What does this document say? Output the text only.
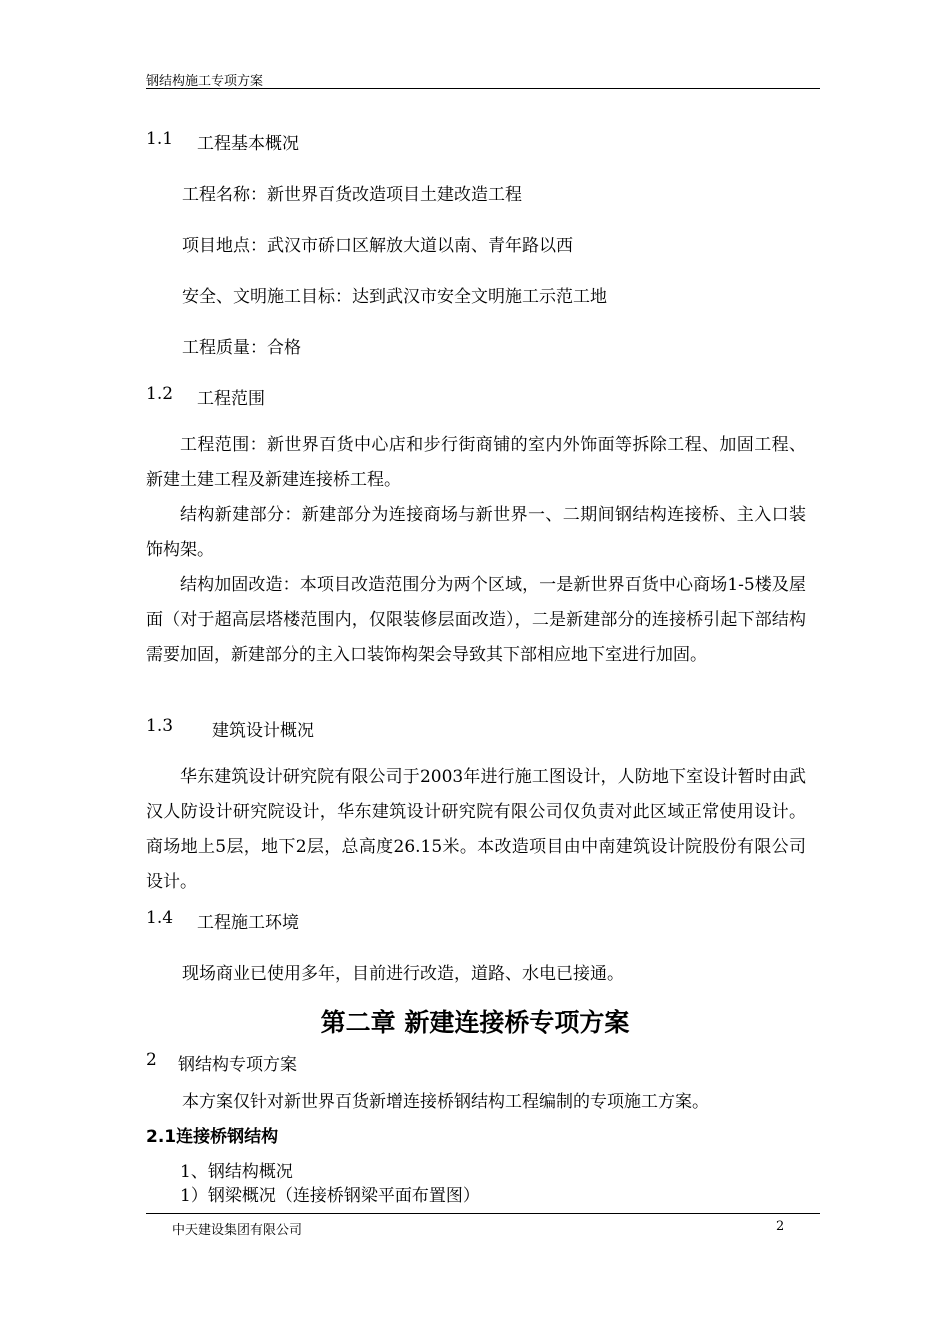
钢结构施工专项方案
1.1 工程基本概况
工程名称：新世界百货改造项目土建改造工程
项目地点：武汉市硚口区解放大道以南、青年路以西
安全、文明施工目标：达到武汉市安全文明施工示范工地
工程质量：合格
1.2 工程范围
工程范围：新世界百货中心店和步行街商铺的室内外饰面等拆除工程、加固工程、新建土建工程及新建连接桥工程。
结构新建部分：新建部分为连接商场与新世界一、二期间钢结构连接桥、主入口装饰构架。
结构加固改造：本项目改造范围分为两个区域，一是新世界百货中心商场1-5楼及屋面（对于超高层塔楼范围内，仅限装修层面改造），二是新建部分的连接桥引起下部结构需要加固，新建部分的主入口装饰构架会导致其下部相应地下室进行加固。
1.3 建筑设计概况
华东建筑设计研究院有限公司于2003年进行施工图设计，人防地下室设计暂时由武汉人防设计研究院设计，华东建筑设计研究院有限公司仅负责对此区域正常使用设计。商场地上5层，地下2层，总高度26.15米。本改造项目由中南建筑设计院股份有限公司设计。
1.4 工程施工环境
现场商业已使用多年，目前进行改造，道路、水电已接通。
第二章 新建连接桥专项方案
2 钢结构专项方案
本方案仅针对新世界百货新增连接桥钢结构工程编制的专项施工方案。
2.1连接桥钢结构
1、钢结构概况
1）钢梁概况（连接桥钢梁平面布置图）
中天建设集团有限公司	2
